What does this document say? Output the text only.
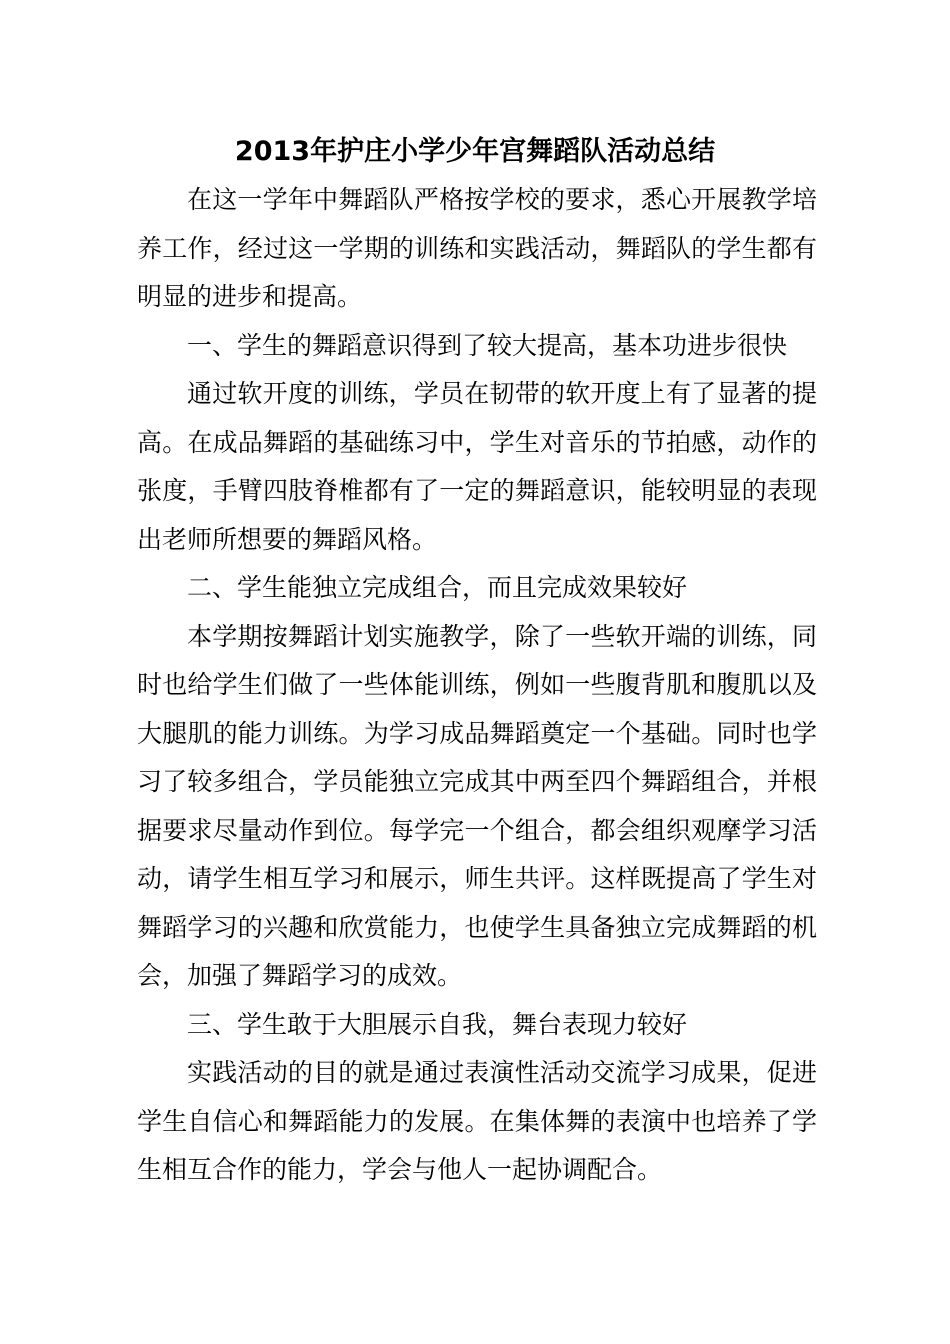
2013年护庄小学少年宫舞蹈队活动总结

在这一学年中舞蹈队严格按学校的要求，悉心开展教学培养工作，经过这一学期的训练和实践活动，舞蹈队的学生都有明显的进步和提高。

一、学生的舞蹈意识得到了较大提高，基本功进步很快

通过软开度的训练，学员在韧带的软开度上有了显著的提高。在成品舞蹈的基础练习中，学生对音乐的节拍感，动作的张度，手臂四肢脊椎都有了一定的舞蹈意识，能较明显的表现出老师所想要的舞蹈风格。

二、学生能独立完成组合，而且完成效果较好

本学期按舞蹈计划实施教学，除了一些软开端的训练，同时也给学生们做了一些体能训练，例如一些腹背肌和腹肌以及大腿肌的能力训练。为学习成品舞蹈奠定一个基础。同时也学习了较多组合，学员能独立完成其中两至四个舞蹈组合，并根据要求尽量动作到位。每学完一个组合，都会组织观摩学习活动，请学生相互学习和展示，师生共评。这样既提高了学生对舞蹈学习的兴趣和欣赏能力，也使学生具备独立完成舞蹈的机会，加强了舞蹈学习的成效。

三、学生敢于大胆展示自我，舞台表现力较好

实践活动的目的就是通过表演性活动交流学习成果，促进学生自信心和舞蹈能力的发展。在集体舞的表演中也培养了学生相互合作的能力，学会与他人一起协调配合。
